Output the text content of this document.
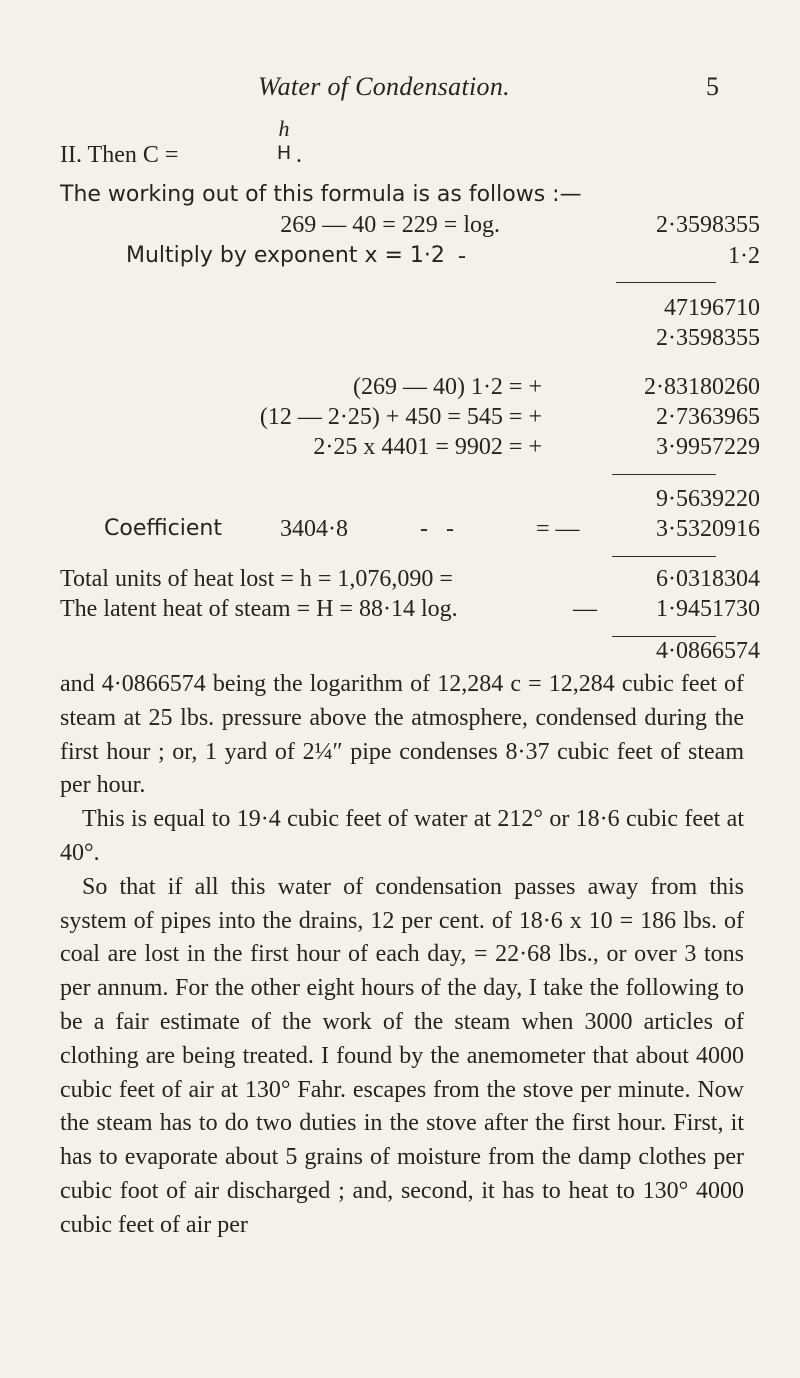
Water of Condensation.	5
II. Then C =
h
H .
The working out of this formula is as follows :—
269 — 40 = 229 = log.	2·3598355
Multiply by exponent x = 1·2 -	1·2
47196710
2·3598355
(269 — 40) 1·2 = +	2·83180260
(12 — 2·25) + 450 = 545 = +	2·7363965
2·25 x 4401 = 9902 = +	3·9957229
9·5639220
Coefficient 3404·8	-   -	= —	3·5320916
Total units of heat lost = h = 1,076,090 =	6·0318304
The latent heat of steam = H = 88·14 log.	—	1·9451730
4·0866574

and 4·0866574 being the logarithm of 12,284 c = 12,284 cubic feet of steam at 25 lbs. pressure above the atmosphere, condensed during the first hour ; or, 1 yard of 2¼″ pipe condenses 8·37 cubic feet of steam per hour.

This is equal to 19·4 cubic feet of water at 212° or 18·6 cubic feet at 40°.

So that if all this water of condensation passes away from this system of pipes into the drains, 12 per cent. of 18·6 x 10 = 186 lbs. of coal are lost in the first hour of each day, = 22·68 lbs., or over 3 tons per annum. For the other eight hours of the day, I take the following to be a fair estimate of the work of the steam when 3000 articles of clothing are being treated. I found by the anemometer that about 4000 cubic feet of air at 130° Fahr. escapes from the stove per minute. Now the steam has to do two duties in the stove after the first hour. First, it has to evaporate about 5 grains of moisture from the damp clothes per cubic foot of air discharged ; and, second, it has to heat to 130° 4000 cubic feet of air per
